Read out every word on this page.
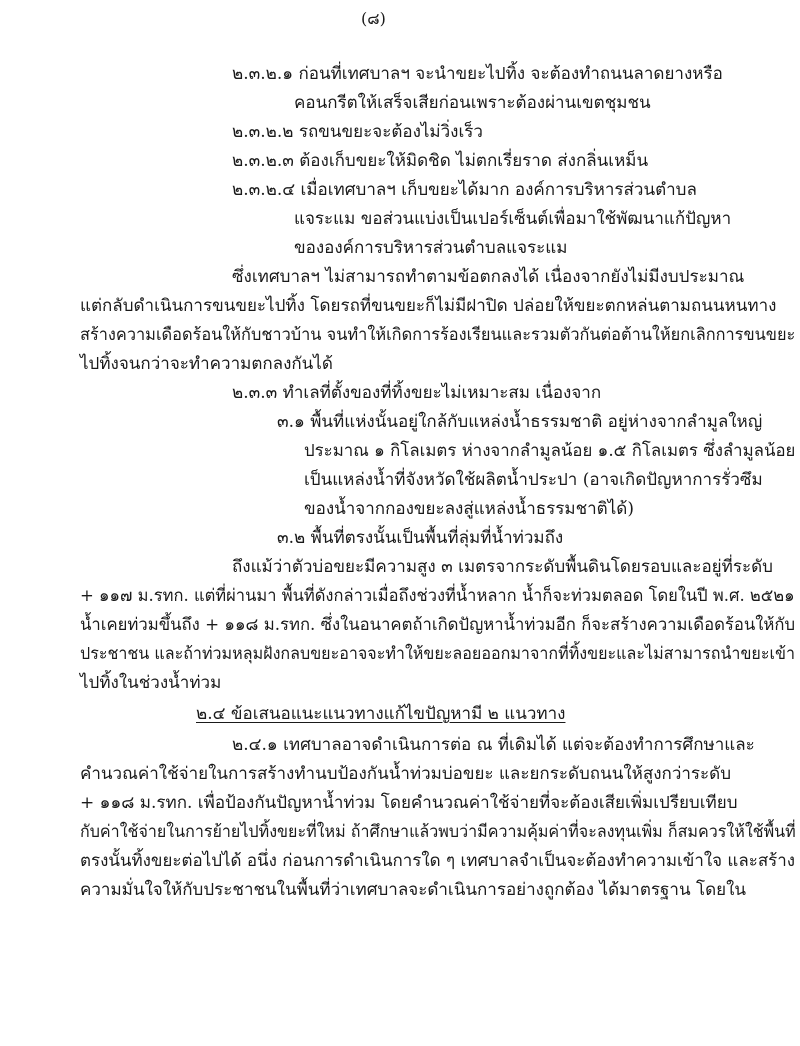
(๘)
๒.๓.๒.๑ ก่อนที่เทศบาลฯ จะนำขยะไปทิ้ง จะต้องทำถนนลาดยางหรือ
คอนกรีตให้เสร็จเสียก่อนเพราะต้องผ่านเขตชุมชน
๒.๓.๒.๒ รถขนขยะจะต้องไม่วิ่งเร็ว
๒.๓.๒.๓ ต้องเก็บขยะให้มิดชิด ไม่ตกเรี่ยราด ส่งกลิ่นเหม็น
๒.๓.๒.๔ เมื่อเทศบาลฯ เก็บขยะได้มาก องค์การบริหารส่วนตำบล
แจระแม ขอส่วนแบ่งเป็นเปอร์เซ็นต์เพื่อมาใช้พัฒนาแก้ปัญหา
ขององค์การบริหารส่วนตำบลแจระแม
ซึ่งเทศบาลฯ ไม่สามารถทำตามข้อตกลงได้ เนื่องจากยังไม่มีงบประมาณ
แต่กลับดำเนินการขนขยะไปทิ้ง โดยรถที่ขนขยะก็ไม่มีฝาปิด ปล่อยให้ขยะตกหล่นตามถนนหนทาง
สร้างความเดือดร้อนให้กับชาวบ้าน จนทำให้เกิดการร้องเรียนและรวมตัวกันต่อต้านให้ยกเลิกการขนขยะ
ไปทิ้งจนกว่าจะทำความตกลงกันได้
๒.๓.๓ ทำเลที่ตั้งของที่ทิ้งขยะไม่เหมาะสม เนื่องจาก
๓.๑ พื้นที่แห่งนั้นอยู่ใกล้กับแหล่งน้ำธรรมชาติ อยู่ห่างจากลำมูลใหญ่
ประมาณ ๑ กิโลเมตร ห่างจากลำมูลน้อย ๑.๕ กิโลเมตร ซึ่งลำมูลน้อย
เป็นแหล่งน้ำที่จังหวัดใช้ผลิตน้ำประปา (อาจเกิดปัญหาการรั่วซึม
ของน้ำจากกองขยะลงสู่แหล่งน้ำธรรมชาติได้)
๓.๒ พื้นที่ตรงนั้นเป็นพื้นที่ลุ่มที่น้ำท่วมถึง
ถึงแม้ว่าตัวบ่อขยะมีความสูง ๓ เมตรจากระดับพื้นดินโดยรอบและอยู่ที่ระดับ
+ ๑๑๗ ม.รทก. แต่ที่ผ่านมา พื้นที่ดังกล่าวเมื่อถึงช่วงที่น้ำหลาก น้ำก็จะท่วมตลอด โดยในปี พ.ศ. ๒๕๒๑
น้ำเคยท่วมขึ้นถึง + ๑๑๘ ม.รทก. ซึ่งในอนาคตถ้าเกิดปัญหาน้ำท่วมอีก ก็จะสร้างความเดือดร้อนให้กับ
ประชาชน และถ้าท่วมหลุมฝังกลบขยะอาจจะทำให้ขยะลอยออกมาจากที่ทิ้งขยะและไม่สามารถนำขยะเข้า
ไปทิ้งในช่วงน้ำท่วม
๒.๔ ข้อเสนอแนะแนวทางแก้ไขปัญหามี ๒ แนวทาง
๒.๔.๑ เทศบาลอาจดำเนินการต่อ ณ ที่เดิมได้ แต่จะต้องทำการศึกษาและ
คำนวณค่าใช้จ่ายในการสร้างทำนบป้องกันน้ำท่วมบ่อขยะ และยกระดับถนนให้สูงกว่าระดับ
+ ๑๑๘ ม.รทก. เพื่อป้องกันปัญหาน้ำท่วม โดยคำนวณค่าใช้จ่ายที่จะต้องเสียเพิ่มเปรียบเทียบ
กับค่าใช้จ่ายในการย้ายไปทิ้งขยะที่ใหม่ ถ้าศึกษาแล้วพบว่ามีความคุ้มค่าที่จะลงทุนเพิ่ม ก็สมควรให้ใช้พื้นที่
ตรงนั้นทิ้งขยะต่อไปได้ อนึ่ง ก่อนการดำเนินการใด ๆ เทศบาลจำเป็นจะต้องทำความเข้าใจ และสร้าง
ความมั่นใจให้กับประชาชนในพื้นที่ว่าเทศบาลจะดำเนินการอย่างถูกต้อง ได้มาตรฐาน โดยใน
